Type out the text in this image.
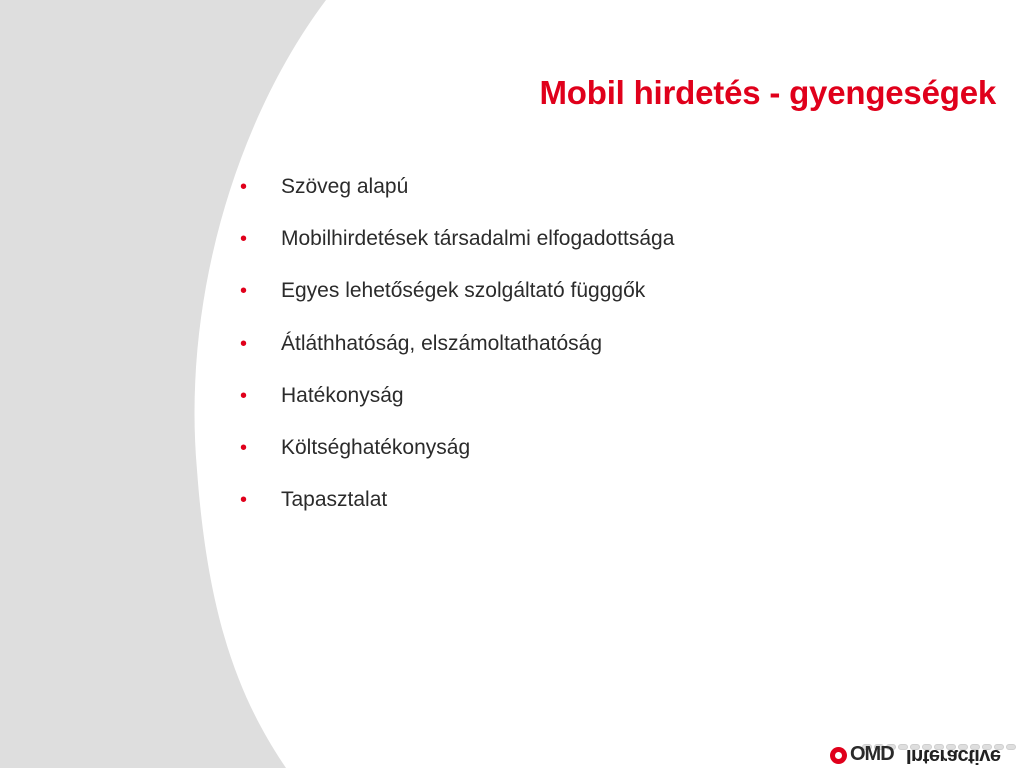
Mobil hirdetés - gyengeségek
• Szöveg alapú
• Mobilhirdetések társadalmi elfogadottsága
• Egyes lehetőségek szolgáltató függgők
• Átláthhatóság, elszámoltathatóság
• Hatékonyság
• Költséghatékonyság
• Tapasztalat
OMD Interactive
